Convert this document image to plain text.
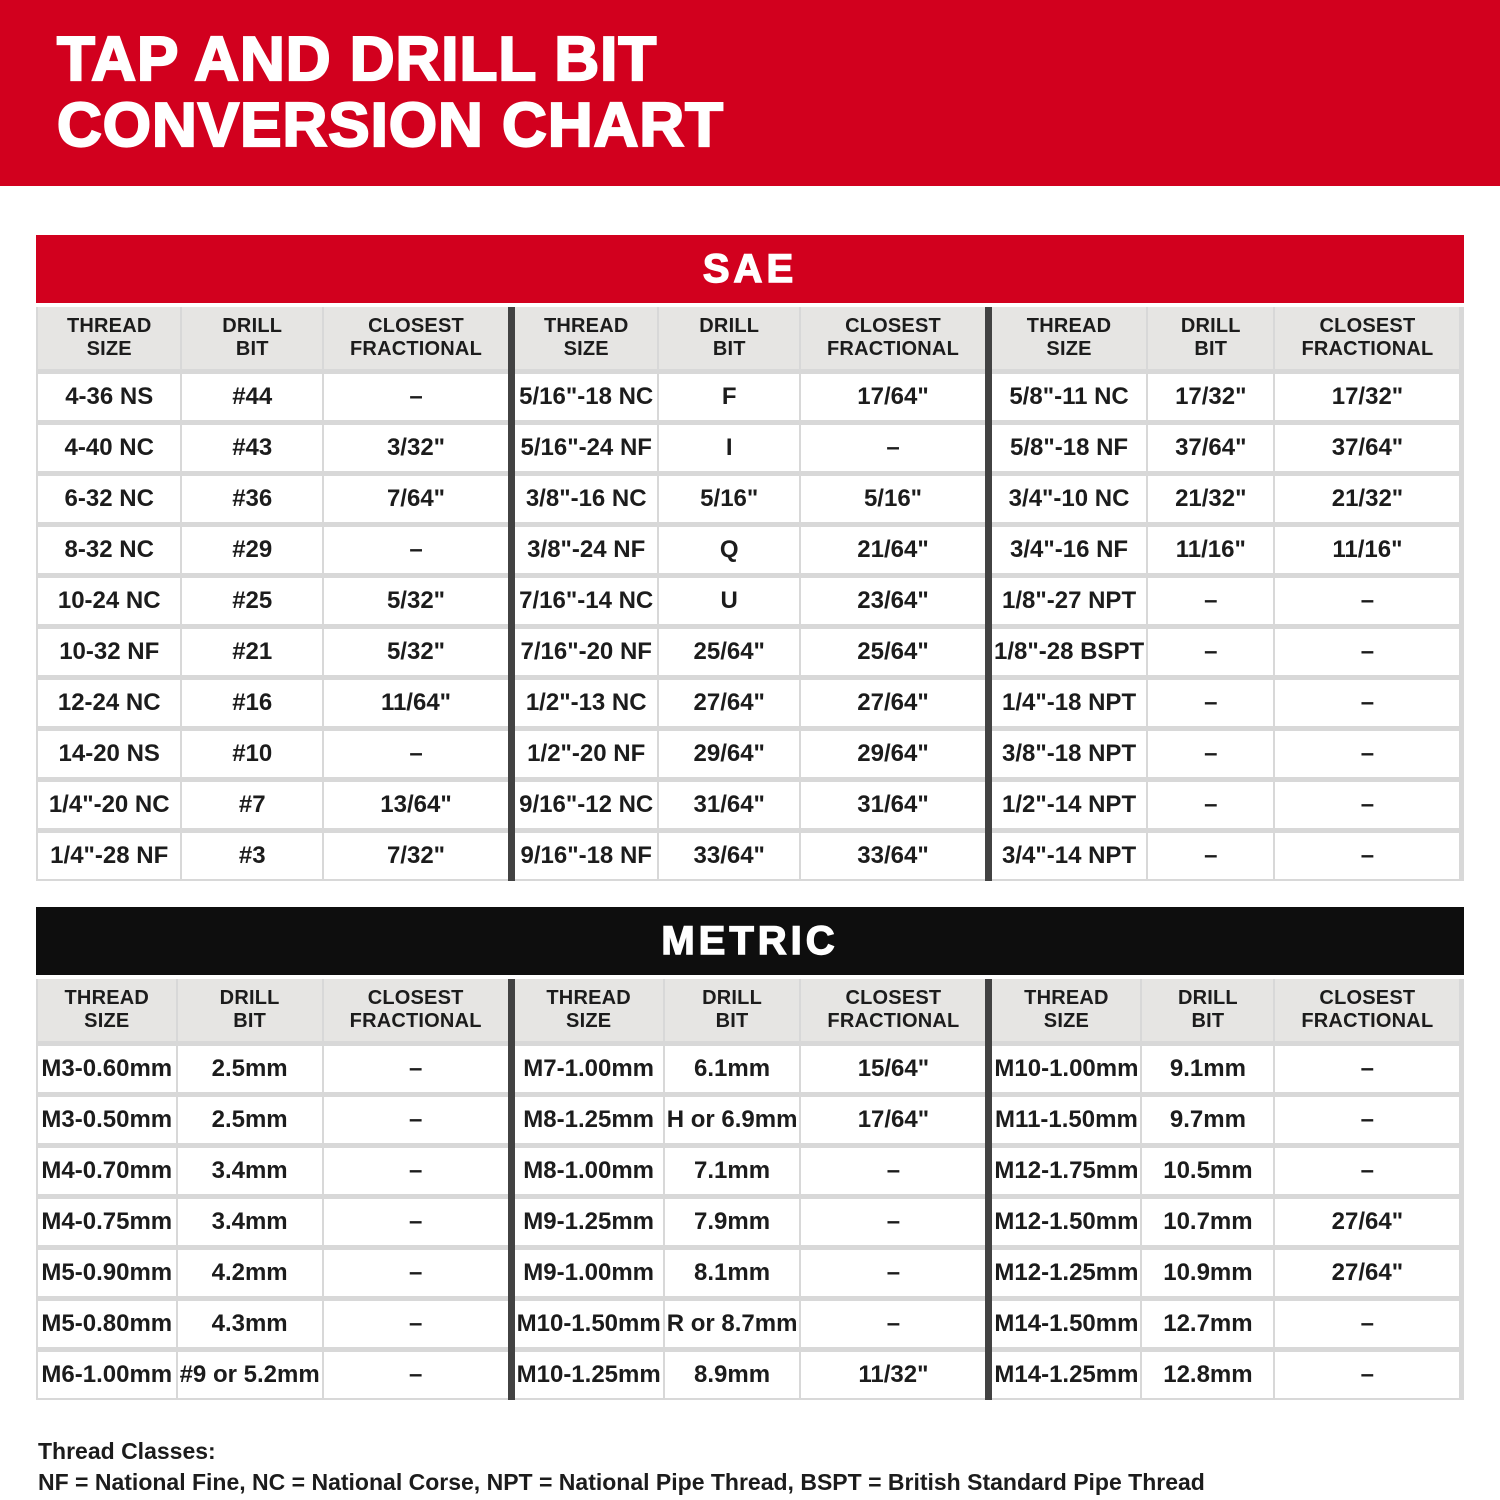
TAP AND DRILL BIT
CONVERSION CHART
SAE
THREAD SIZE
DRILL BIT
CLOSEST FRACTIONAL
4-36 NS	#44	–
4-40 NC	#43	3/32"
6-32 NC	#36	7/64"
8-32 NC	#29	–
10-24 NC	#25	5/32"
10-32 NF	#21	5/32"
12-24 NC	#16	11/64"
14-20 NS	#10	–
1/4"-20 NC	#7	13/64"
1/4"-28 NF	#3	7/32"
THREAD SIZE
DRILL BIT
CLOSEST FRACTIONAL
5/16"-18 NC	F	17/64"
5/16"-24 NF	I	–
3/8"-16 NC	5/16"	5/16"
3/8"-24 NF	Q	21/64"
7/16"-14 NC	U	23/64"
7/16"-20 NF	25/64"	25/64"
1/2"-13 NC	27/64"	27/64"
1/2"-20 NF	29/64"	29/64"
9/16"-12 NC	31/64"	31/64"
9/16"-18 NF	33/64"	33/64"
THREAD SIZE
DRILL BIT
CLOSEST FRACTIONAL
5/8"-11 NC	17/32"	17/32"
5/8"-18 NF	37/64"	37/64"
3/4"-10 NC	21/32"	21/32"
3/4"-16 NF	11/16"	11/16"
1/8"-27 NPT	–	–
1/8"-28 BSPT	–	–
1/4"-18 NPT	–	–
3/8"-18 NPT	–	–
1/2"-14 NPT	–	–
3/4"-14 NPT	–	–
METRIC
THREAD SIZE
DRILL BIT
CLOSEST FRACTIONAL
M3-0.60mm	2.5mm	–
M3-0.50mm	2.5mm	–
M4-0.70mm	3.4mm	–
M4-0.75mm	3.4mm	–
M5-0.90mm	4.2mm	–
M5-0.80mm	4.3mm	–
M6-1.00mm #9 or 5.2mm	–
THREAD SIZE
DRILL BIT
CLOSEST FRACTIONAL
M7-1.00mm	6.1mm	15/64"
M8-1.25mm H or 6.9mm	17/64"
M8-1.00mm	7.1mm	–
M9-1.25mm	7.9mm	–
M9-1.00mm	8.1mm	–
M10-1.50mm R or 8.7mm	–
M10-1.25mm	8.9mm	11/32"
THREAD SIZE
DRILL BIT
CLOSEST FRACTIONAL
M10-1.00mm	9.1mm	–
M11-1.50mm	9.7mm	–
M12-1.75mm	10.5mm	–
M12-1.50mm	10.7mm	27/64"
M12-1.25mm	10.9mm	27/64"
M14-1.50mm	12.7mm	–
M14-1.25mm	12.8mm	–
Thread Classes:
NF = National Fine, NC = National Corse, NPT = National Pipe Thread, BSPT = British Standard Pipe Thread
